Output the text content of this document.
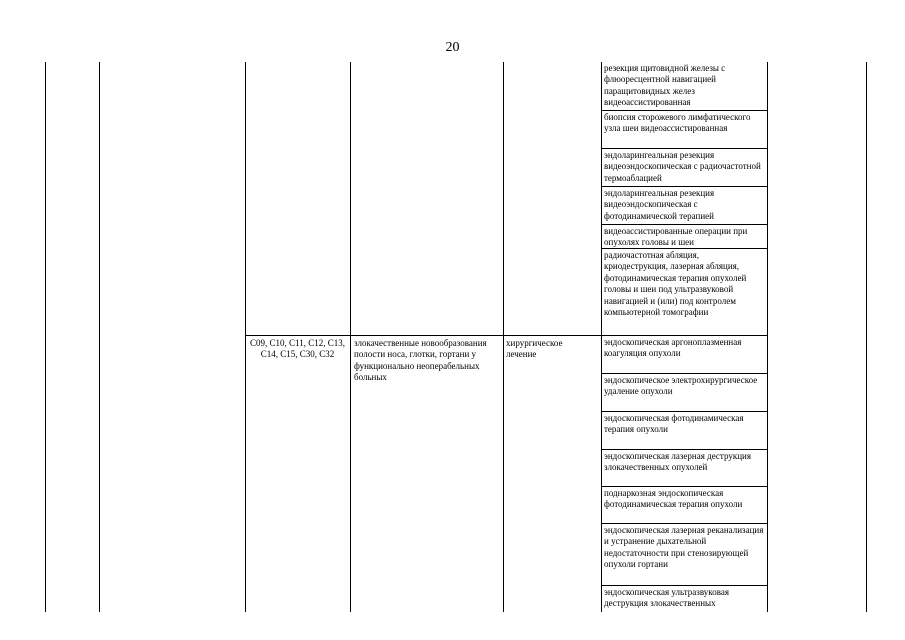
20
резекция щитовидной железы с флюоресцентной навигацией паращитовидных желез видеоассистированная
биопсия сторожевого лимфатического узла шеи видеоассистированная
эндоларингеальная резекция видеоэндоскопическая с радиочастотной термоаблацией
эндоларингеальная резекция видеоэндоскопическая с фотодинамической терапией
видеоассистированные операции при опухолях головы и шеи
радиочастотная абляция, криодеструкция, лазерная абляция, фотодинамическая терапия опухолей головы и шеи под ультразвуковой навигацией и (или) под контролем компьютерной томографии
C09, C10, C11, C12, C13, C14, C15, C30, C32
злокачественные новообразования полости носа, глотки, гортани у функционально неоперабельных больных
хирургическое лечение
эндоскопическая аргоноплазменная коагуляция опухоли
эндоскопическое электрохирургическое удаление опухоли
эндоскопическая фотодинамическая терапия опухоли
эндоскопическая лазерная деструкция злокачественных опухолей
поднаркозная эндоскопическая фотодинамическая терапия опухоли
эндоскопическая лазерная реканализация и устранение дыхательной недостаточности при стенозирующей опухоли гортани
эндоскопическая ультразвуковая деструкция злокачественных
